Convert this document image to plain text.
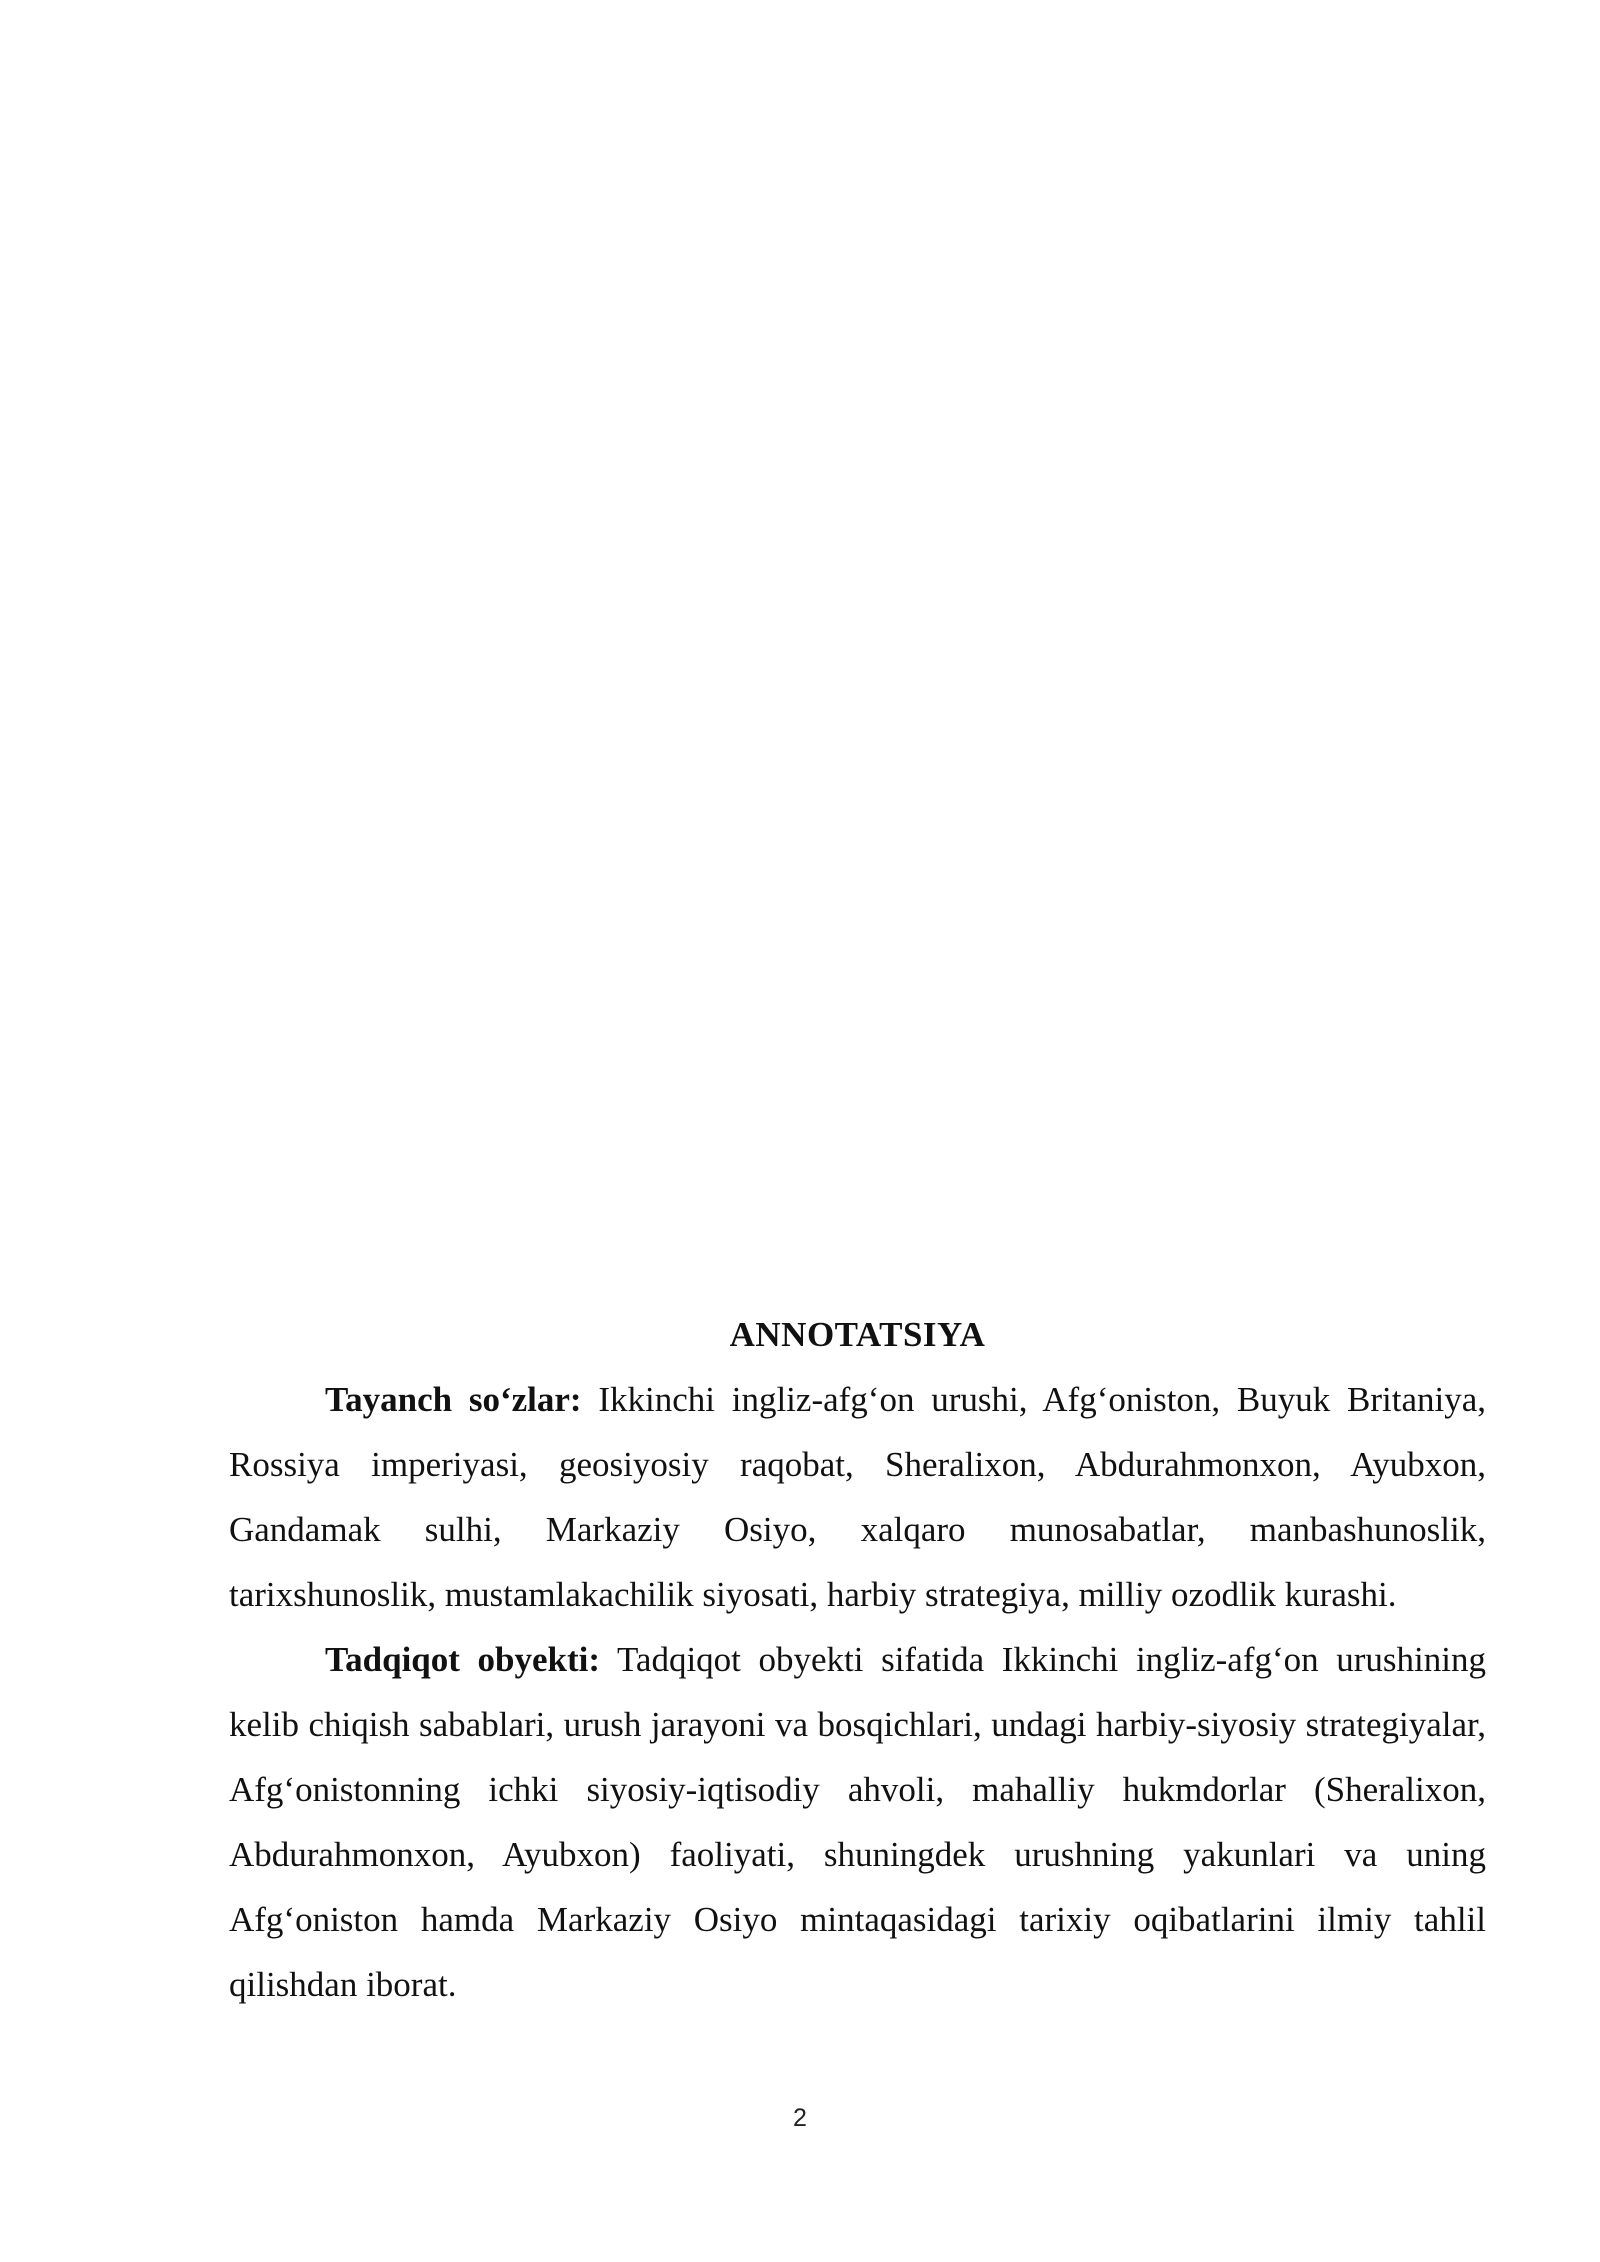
ANNOTATSIYA

Tayanch so‘zlar: Ikkinchi ingliz-afg‘on urushi, Afg‘oniston, Buyuk Britaniya, Rossiya imperiyasi, geosiyosiy raqobat, Sheralixon, Abdurahmonxon, Ayubxon, Gandamak sulhi, Markaziy Osiyo, xalqaro munosabatlar, manbashunoslik, tarixshunoslik, mustamlakachilik siyosati, harbiy strategiya, milliy ozodlik kurashi.

Tadqiqot obyekti: Tadqiqot obyekti sifatida Ikkinchi ingliz-afg‘on urushining kelib chiqish sabablari, urush jarayoni va bosqichlari, undagi harbiy-siyosiy strategiyalar, Afg‘onistonning ichki siyosiy-iqtisodiy ahvoli, mahalliy hukmdorlar (Sheralixon, Abdurahmonxon, Ayubxon) faoliyati, shuningdek urushning yakunlari va uning Afg‘oniston hamda Markaziy Osiyo mintaqasidagi tarixiy oqibatlarini ilmiy tahlil qilishdan iborat.

2
